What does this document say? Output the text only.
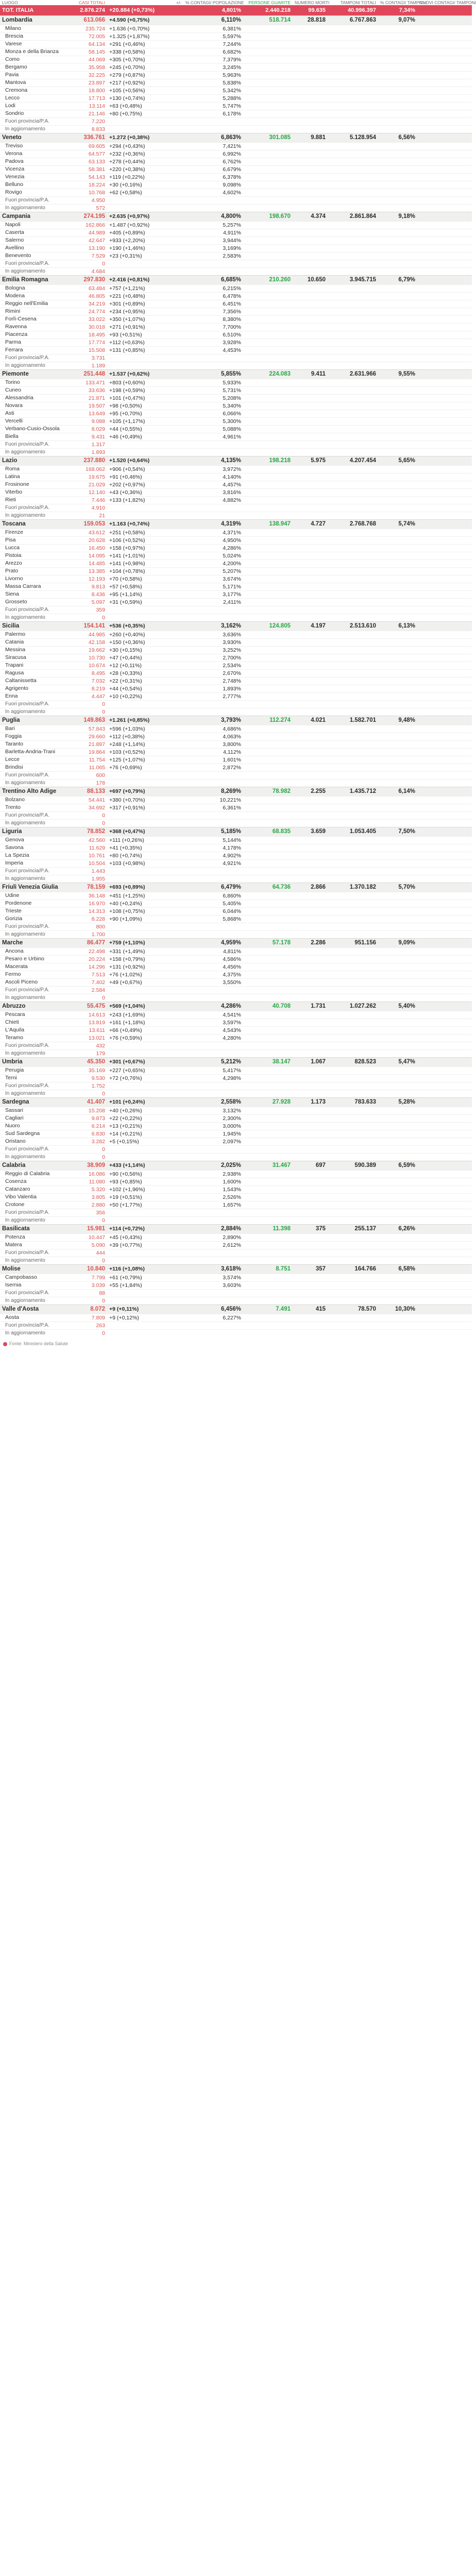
LUOGO	CASI TOTALI	+/-	% CONTAGI/ POPOLAZIONE	PERSONE GUARITE	NUMERO MORTI	TAMPONI TOTALI	% CONTAGI/ TAMPONI	NUOVI CONTAGI/ TAMPONI
TOT. ITALIA	2.876.274	+20.884 (+0,73%)	4,801%	2.440.218	99.635	40.996.397	7,34%	
Lombardia	613.066	+4.590 (+0,75%)	6,110%	518.714	28.818	6.767.863	9,07%	
Milano	235.724	+1.636 (+0,70%)	6,381%					
Brescia	72.005	+1.325 (+1,87%)	5,597%					
Varese	64.134	+291 (+0,46%)	7,244%					
Monza e della Brianza	58.145	+338 (+0,58%)	6,682%					
Como	44.069	+305 (+0,70%)	7,379%					
Bergamo	35.958	+245 (+0,70%)	3,245%					
Pavia	32.225	+279 (+0,87%)	5,963%					
Mantova	23.897	+217 (+0,92%)	5,838%					
Cremona	18.800	+105 (+0,56%)	5,342%					
Lecco	17.713	+130 (+0,74%)	5,288%					
Lodi	13.114	+63 (+0,48%)	5,747%					
Sondrio	21.146	+80 (+0,75%)	6,178%					
Fuori provincia/P.A.	7.220							
In aggiornamento	8.833							
Veneto	336.761	+1.272 (+0,38%)	6,863%	301.085	9.881	5.128.954	6,56%	
Treviso	69.605	+294 (+0,43%)	7,421%					
Verona	64.577	+232 (+0,36%)	6,992%					
Padova	63.133	+278 (+0,44%)	6,762%					
Vicenza	58.381	+220 (+0,38%)	6,679%					
Venezia	54.143	+119 (+0,22%)	6,378%					
Belluno	18.224	+30 (+0,16%)	9,098%					
Rovigo	10.768	+62 (+0,58%)	4,602%					
Fuori provincia/P.A.	4.950							
In aggiornamento	572							
Campania	274.195	+2.635 (+0,97%)	4,800%	198.670	4.374	2.861.864	9,18%	
Napoli	162.866	+1.487 (+0,92%)	5,257%					
Caserta	44.989	+405 (+0,89%)	4,911%					
Salerno	42.647	+933 (+2,20%)	3,944%					
Avellino	13.190	+190 (+1,46%)	3,169%					
Benevento	7.529	+23 (+0,31%)	2,583%					
Fuori provincia/P.A.	0							
In aggiornamento	4.684							
Emilia Romagna	297.830	+2.416 (+0,81%)	6,685%	210.260	10.650	3.945.715	6,79%	
Bologna	63.484	+757 (+1,21%)	6,215%					
Modena	46.805	+221 (+0,48%)	6,478%					
Reggio nell'Emilia	34.219	+301 (+0,89%)	6,451%					
Rimini	24.774	+234 (+0,95%)	7,356%					
Forlì-Cesena	33.022	+350 (+1,07%)	8,380%					
Ravenna	30.018	+271 (+0,91%)	7,700%					
Piacenza	18.495	+93 (+0,51%)	6,510%					
Parma	17.774	+112 (+0,63%)	3,928%					
Ferrara	15.508	+131 (+0,85%)	4,453%					
Fuori provincia/P.A.	3.731							
In aggiornamento	1.189							
Piemonte	251.448	+1.537 (+0,62%)	5,855%	224.083	9.411	2.631.966	9,55%	
Torino	133.471	+803 (+0,60%)	5,933%					
Cuneo	33.636	+198 (+0,59%)	5,731%					
Alessandria	21.871	+101 (+0,47%)	5,208%					
Novara	19.507	+98 (+0,50%)	5,340%					
Asti	13.649	+95 (+0,70%)	6,066%					
Vercelli	9.088	+105 (+1,17%)	5,300%					
Verbano-Cusio-Ossola	8.029	+44 (+0,55%)	5,088%					
Biella	9.431	+46 (+0,49%)	4,961%					
Fuori provincia/P.A.	1.317							
In aggiornamento	1.893							
Lazio	237.880	+1.520 (+0,64%)	4,135%	198.218	5.975	4.207.454	5,65%	
Roma	168.062	+906 (+0,54%)	3,972%					
Latina	19.675	+91 (+0,46%)	4,140%					
Frosinone	21.029	+202 (+0,97%)	4,457%					
Viterbo	12.140	+43 (+0,36%)	3,816%					
Rieti	7.446	+133 (+1,82%)	4,882%					
Fuori provincia/P.A.	4.910							
In aggiornamento	21							
Toscana	159.053	+1.163 (+0,74%)	4,319%	138.947	4.727	2.768.768	5,74%	
Firenze	43.612	+251 (+0,58%)	4,371%					
Pisa	20.628	+106 (+0,52%)	4,950%					
Lucca	16.450	+158 (+0,97%)	4,286%					
Pistoia	14.095	+141 (+1,01%)	5,024%					
Arezzo	14.485	+141 (+0,98%)	4,200%					
Prato	13.385	+104 (+0,78%)	5,207%					
Livorno	12.193	+70 (+0,58%)	3,674%					
Massa Carrara	9.813	+57 (+0,58%)	5,171%					
Siena	8.436	+95 (+1,14%)	3,177%					
Grosseto	5.097	+31 (+0,59%)	2,411%					
Fuori provincia/P.A.	359							
In aggiornamento	0							
Sicilia	154.141	+536 (+0,35%)	3,162%	124.805	4.197	2.513.610	6,13%	
Palermo	44.985	+260 (+0,40%)	3,636%					
Catania	42.158	+150 (+0,36%)	3,930%					
Messina	19.662	+30 (+0,15%)	3,252%					
Siracusa	10.730	+47 (+0,44%)	2,700%					
Trapani	10.674	+12 (+0,11%)	2,534%					
Ragusa	8.495	+28 (+0,33%)	2,670%					
Caltanissetta	7.032	+22 (+0,31%)	2,748%					
Agrigento	8.219	+44 (+0,54%)	1,893%					
Enna	4.447	+10 (+0,22%)	2,777%					
Fuori provincia/P.A.	0							
In aggiornamento	0							
Puglia	149.863	+1.261 (+0,85%)	3,793%	112.274	4.021	1.582.701	9,48%	
Bari	57.843	+596 (+1,03%)	4,686%					
Foggia	29.660	+112 (+0,38%)	4,063%					
Taranto	21.897	+248 (+1,14%)	3,800%					
Barletta-Andria-Trani	19.864	+103 (+0,52%)	4,112%					
Lecce	11.754	+125 (+1,07%)	1,601%					
Brindisi	11.065	+76 (+0,69%)	2,872%					
Fuori provincia/P.A.	600							
In aggiornamento	178							
Trentino Alto Adige	88.133	+697 (+0,79%)	8,269%	78.982	2.255	1.435.712	6,14%	
Bolzano	54.441	+380 (+0,70%)	10,221%					
Trento	34.692	+317 (+0,91%)	6,361%					
Fuori provincia/P.A.	0							
In aggiornamento	0							
Liguria	78.852	+368 (+0,47%)	5,185%	68.835	3.659	1.053.405	7,50%	
Genova	42.560	+111 (+0,26%)	5,144%					
Savona	11.629	+41 (+0,35%)	4,178%					
La Spezia	10.761	+80 (+0,74%)	4,902%					
Imperia	10.504	+103 (+0,98%)	4,921%					
Fuori provincia/P.A.	1.443							
In aggiornamento	1.955							
Friuli Venezia Giulia	78.159	+693 (+0,89%)	6,479%	64.736	2.866	1.370.182	5,70%	
Udine	36.148	+451 (+1,25%)	6,860%					
Pordenone	16.970	+40 (+0,24%)	5,405%					
Trieste	14.313	+108 (+0,75%)	6,044%					
Gorizia	8.228	+90 (+1,09%)	5,868%					
Fuori provincia/P.A.	800							
In aggiornamento	1.700							
Marche	86.477	+759 (+1,10%)	4,959%	57.178	2.286	951.156	9,09%	
Ancona	22.498	+331 (+1,49%)	4,811%					
Pesaro e Urbino	20.224	+158 (+0,79%)	4,586%					
Macerata	14.296	+131 (+0,92%)	4,456%					
Fermo	7.513	+76 (+1,02%)	4,375%					
Ascoli Piceno	7.402	+49 (+0,67%)	3,550%					
Fuori provincia/P.A.	2.584							
In aggiornamento	0							
Abruzzo	55.475	+569 (+1,04%)	4,286%	40.708	1.731	1.027.262	5,40%	
Pescara	14.613	+243 (+1,69%)	4,541%					
Chieti	13.819	+161 (+1,18%)	3,597%					
L'Aquila	13.611	+66 (+0,49%)	4,543%					
Teramo	13.021	+76 (+0,59%)	4,280%					
Fuori provincia/P.A.	432							
In aggiornamento	179							
Umbria	45.350	+301 (+0,67%)	5,212%	38.147	1.067	828.523	5,47%	
Perugia	35.169	+227 (+0,65%)	5,417%					
Terni	9.530	+72 (+0,76%)	4,298%					
Fuori provincia/P.A.	1.752							
In aggiornamento	0							
Sardegna	41.407	+101 (+0,24%)	2,558%	27.928	1.173	783.633	5,28%	
Sassari	15.208	+40 (+0,26%)	3,132%					
Cagliari	9.873	+22 (+0,22%)	2,300%					
Nuoro	6.214	+13 (+0,21%)	3,000%					
Sud Sardegna	6.830	+14 (+0,21%)	1,945%					
Oristano	3.282	+5 (+0,15%)	2,097%					
Fuori provincia/P.A.	0							
In aggiornamento	0							
Calabria	38.909	+433 (+1,14%)	2,025%	31.467	697	590.389	6,59%	
Reggio di Calabria	16.086	+90 (+0,56%)	2,938%					
Cosenza	11.080	+93 (+0,85%)	1,600%					
Catanzaro	5.320	+102 (+1,96%)	1,543%					
Vibo Valentia	3.805	+19 (+0,51%)	2,526%					
Crotone	2.880	+50 (+1,77%)	1,657%					
Fuori provincia/P.A.	356							
In aggiornamento	0							
Basilicata	15.981	+114 (+0,72%)	2,884%	11.398	375	255.137	6,26%	
Potenza	10.447	+45 (+0,43%)	2,890%					
Matera	5.090	+39 (+0,77%)	2,612%					
Fuori provincia/P.A.	444							
In aggiornamento	0							
Molise	10.840	+116 (+1,08%)	3,618%	8.751	357	164.766	6,58%	
Campobasso	7.799	+61 (+0,79%)	3,574%					
Isernia	3.039	+55 (+1,84%)	3,603%					
Fuori provincia/P.A.	88							
In aggiornamento	0							
Valle d'Aosta	8.072	+9 (+0,11%)	6,456%	7.491	415	78.570	10,30%	
Aosta	7.809	+9 (+0,12%)	6,227%					
Fuori provincia/P.A.	263							
In aggiornamento	0							
Fonte: Ministero della Salute
